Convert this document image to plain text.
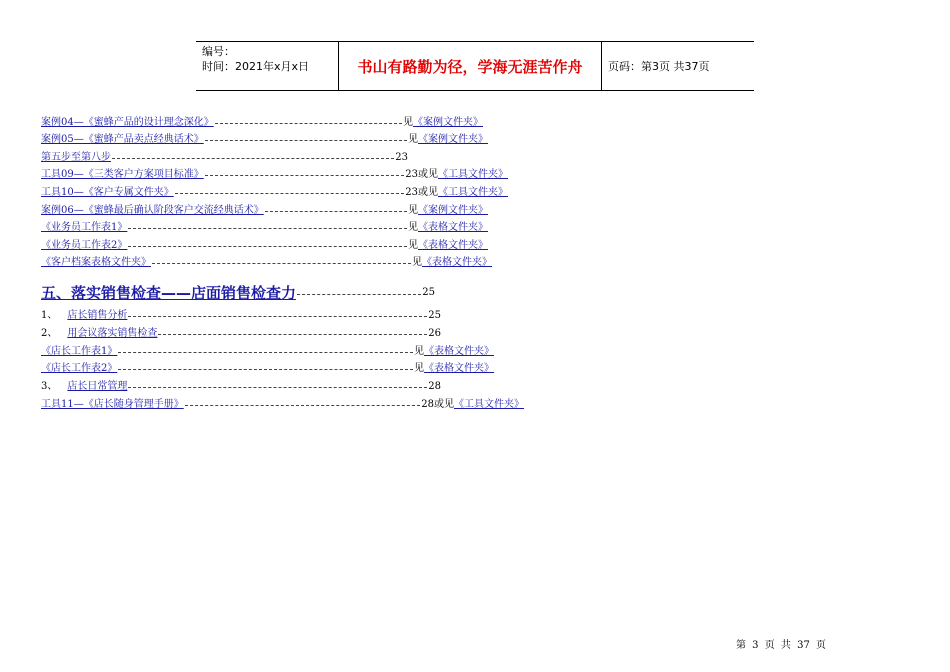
编号：
时间：2021年x月x日	书山有路勤为径，学海无涯苦作舟	页码：第3页 共37页
案例04—《蜜蜂产品的设计理念深化》	见 《案例文件夹》
案例05—《蜜蜂产品卖点经典话术》	见 《案例文件夹》
第五步至第八步	23
工具09—《三类客户方案项目标准》	23 或见 《工具文件夹》
工具10—《客户专属文件夹》	23 或见 《工具文件夹》
案例06—《蜜蜂最后确认阶段客户交流经典话术》	见 《案例文件夹》
《业务员工作表1》	见 《表格文件夹》
《业务员工作表2》	见 《表格文件夹》
《客户档案表格文件夹》	见 《表格文件夹》
五、落实销售检查——店面销售检查力	25
1、 店长销售分析	25
2、 用会议落实销售检查	26
《店长工作表1》	见 《表格文件夹》
《店长工作表2》	见 《表格文件夹》
3、 店长日常管理	28
工具11—《店长随身管理手册》	28 或见 《工具文件夹》
第 3 页 共 37 页
